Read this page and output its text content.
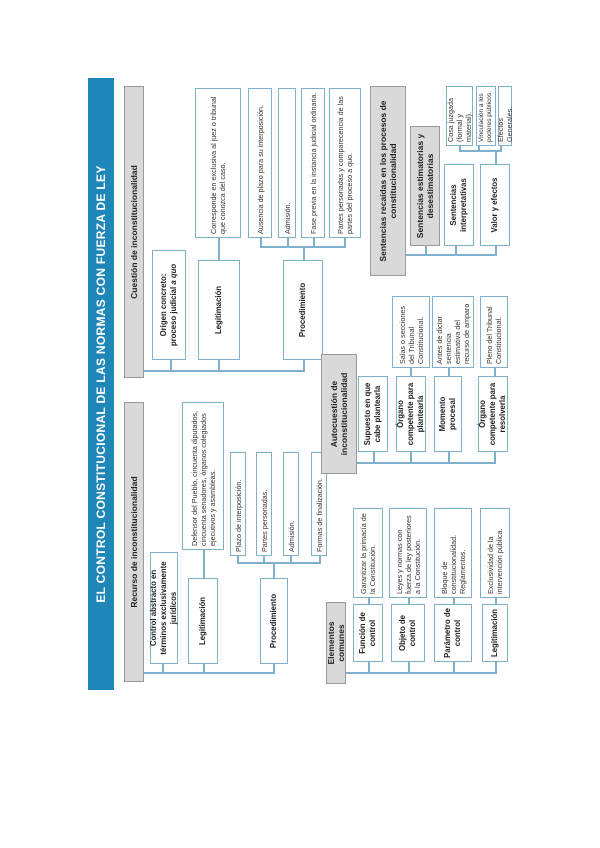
EL CONTROL CONSTITUCIONAL DE LAS NORMAS CON FUERZA DE LEY	Recurso de inconstitucionalidad
Control abstracto en términos exclusivamente jurídicos	Legitimación
Defensor del Pueblo, cincuenta diputados, cincuenta senadores, órganos colegiados ejecutivos y asambleas.
Procedimiento
Plazo de interposición.	Partes personadas.	Admisión.	Formas de finalización.
Cuestión de inconstitucionalidad
Origen concreto: proceso judicial a quo
Legitimación
Corresponde en exclusiva al juez o tribunal que conozca del caso.
Procedimiento
Ausencia de plazo para su interposición.	Admisión.	Fase previa en la instancia judicial ordinaria.	Partes personadas y comparecencia de las partes del proceso a quo.
Elementos comunes	Función de control
Garantizar la primacía de la Constitución.
Objeto de control
Leyes y normas con fuerza de ley posteriores a la Constitución.
Parámetro de control
Bloque de constitucionalidad. Reglamentos.
Legitimación
Exclusividad de la intervención pública.
Autocuestión de inconstitucionalidad	Supuesto en que cabe plantearla	Órgano competente para plantearla
Salas o secciones del Tribunal Constitucional.
Momento procesal
Antes de dictar sentencia estimativa del recurso de amparo
Órgano competente para resolverla
Pleno del Tribunal Constitucional.
Sentencias recaídas en los procesos de constitucionalidad	Sentencias estimatorias y desestimatorias	Sentencias interpretativas	Valor y efectos
Cosa juzgada (formal y material). Vinculación a los poderes públicos. Efectos Generales.
